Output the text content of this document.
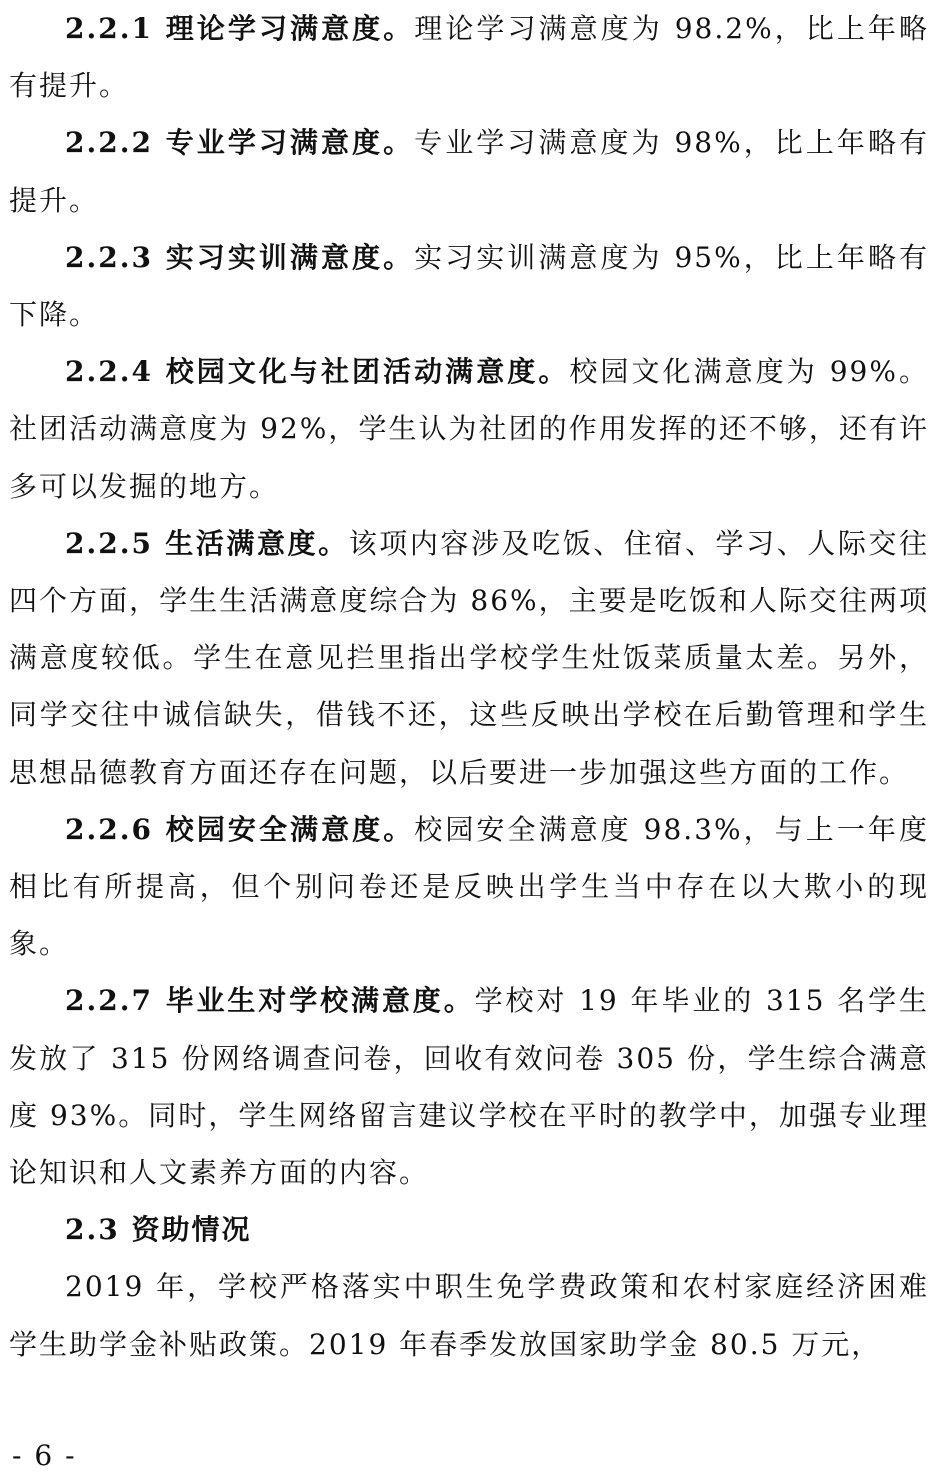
2.2.1 理论学习满意度。理论学习满意度为 98.2%，比上年略有提升。

2.2.2 专业学习满意度。专业学习满意度为 98%，比上年略有提升。

2.2.3 实习实训满意度。实习实训满意度为 95%，比上年略有下降。

2.2.4 校园文化与社团活动满意度。校园文化满意度为 99%。社团活动满意度为 92%，学生认为社团的作用发挥的还不够，还有许多可以发掘的地方。

2.2.5 生活满意度。该项内容涉及吃饭、住宿、学习、人际交往四个方面，学生生活满意度综合为 86%，主要是吃饭和人际交往两项满意度较低。学生在意见拦里指出学校学生灶饭菜质量太差。另外，同学交往中诚信缺失，借钱不还，这些反映出学校在后勤管理和学生思想品德教育方面还存在问题，以后要进一步加强这些方面的工作。

2.2.6 校园安全满意度。校园安全满意度 98.3%，与上一年度相比有所提高，但个别问卷还是反映出学生当中存在以大欺小的现象。

2.2.7 毕业生对学校满意度。学校对 19 年毕业的 315 名学生发放了 315 份网络调查问卷，回收有效问卷 305 份，学生综合满意度 93%。同时，学生网络留言建议学校在平时的教学中，加强专业理论知识和人文素养方面的内容。

2.3 资助情况

2019 年，学校严格落实中职生免学费政策和农村家庭经济困难学生助学金补贴政策。2019 年春季发放国家助学金 80.5 万元，

- 6 -
